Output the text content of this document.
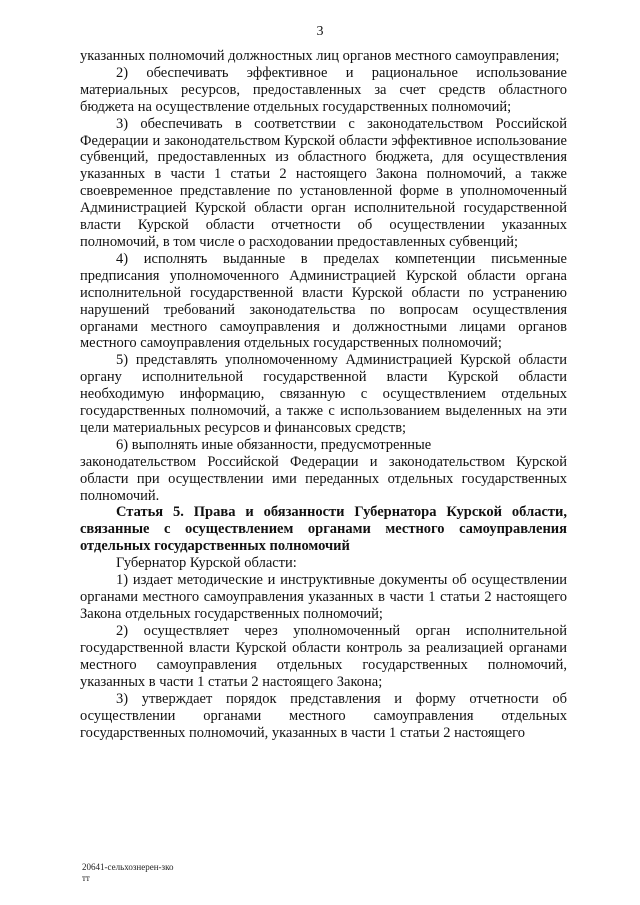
3

указанных полномочий должностных лиц органов местного самоуправления;

2) обеспечивать эффективное и рациональное использование материальных ресурсов, предоставленных за счет средств областного бюджета на осуществление отдельных государственных полномочий;

3) обеспечивать в соответствии с законодательством Российской Федерации и законодательством Курской области эффективное использование субвенций, предоставленных из областного бюджета, для осуществления указанных в части 1 статьи 2 настоящего Закона полномочий, а также своевременное представление по установленной форме в уполномоченный Администрацией Курской области орган исполнительной государственной власти Курской области отчетности об осуществлении указанных полномочий, в том числе о расходовании предоставленных субвенций;

4) исполнять выданные в пределах компетенции письменные предписания уполномоченного Администрацией Курской области органа исполнительной государственной власти Курской области по устранению нарушений требований законодательства по вопросам осуществления органами местного самоуправления и должностными лицами органов местного самоуправления отдельных государственных полномочий;

5) представлять уполномоченному Администрацией Курской области органу исполнительной государственной власти Курской области необходимую информацию, связанную с осуществлением отдельных государственных полномочий, а также с использованием выделенных на эти цели материальных ресурсов и финансовых средств;

6) выполнять иные обязанности, предусмотренные

законодательством Российской Федерации и законодательством Курской области при осуществлении ими переданных отдельных государственных полномочий.

Статья 5. Права и обязанности Губернатора Курской области, связанные с осуществлением органами местного самоуправления отдельных государственных полномочий

Губернатор Курской области:

1) издает методические и инструктивные документы об осуществлении органами местного самоуправления указанных в части 1 статьи 2 настоящего Закона отдельных государственных полномочий;

2) осуществляет через уполномоченный орган исполнительной государственной власти Курской области контроль за реализацией органами местного самоуправления отдельных государственных полномочий, указанных в части 1 статьи 2 настоящего Закона;

3) утверждает порядок представления и форму отчетности об осуществлении органами местного самоуправления отдельных государственных полномочий, указанных в части 1 статьи 2 настоящего

20641-сельхознерен-зко
тт
